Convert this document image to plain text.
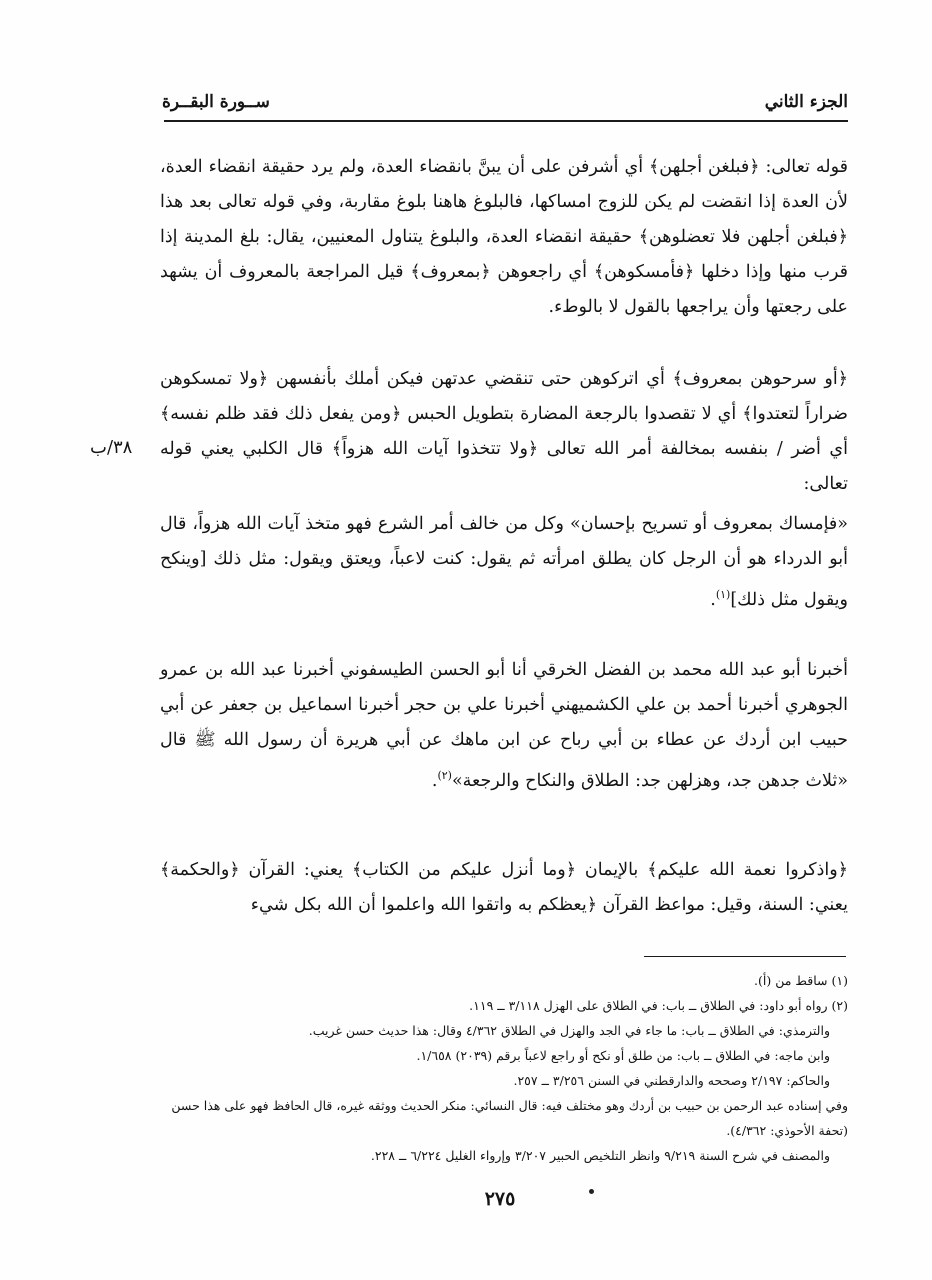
الجزء الثاني
ســورة البقــرة

قوله تعالى: ﴿فبلغن أجلهن﴾ أي أشرفن على أن يبنَّ بانقضاء العدة، ولم يرد حقيقة انقضاء العدة، لأن العدة إذا انقضت لم يكن للزوج امساكها، فالبلوغ هاهنا بلوغ مقاربة، وفي قوله تعالى بعد هذا ﴿فبلغن أجلهن فلا تعضلوهن﴾ حقيقة انقضاء العدة، والبلوغ يتناول المعنيين، يقال: بلغ المدينة إذا قرب منها وإذا دخلها ﴿فأمسكوهن﴾ أي راجعوهن ﴿بمعروف﴾ قيل المراجعة بالمعروف أن يشهد على رجعتها وأن يراجعها بالقول لا بالوطء.

﴿أو سرحوهن بمعروف﴾ أي اتركوهن حتى تنقضي عدتهن فيكن أملك بأنفسهن ﴿ولا تمسكوهن ضراراً لتعتدوا﴾ أي لا تقصدوا بالرجعة المضارة بتطويل الحبس ﴿ومن يفعل ذلك فقد ظلم نفسه﴾ أي أضر / بنفسه بمخالفة أمر الله تعالى ﴿ولا تتخذوا آيات الله هزواً﴾ قال الكلبي يعني قوله تعالى:

٣٨/ب

«فإمساك بمعروف أو تسريح بإحسان» وكل من خالف أمر الشرع فهو متخذ آيات الله هزواً، قال أبو الدرداء هو أن الرجل كان يطلق امرأته ثم يقول: كنت لاعباً، ويعتق ويقول: مثل ذلك [وينكح ويقول مثل ذلك]$^{(١)}$.

أخبرنا أبو عبد الله محمد بن الفضل الخرقي أنا أبو الحسن الطيسفوني أخبرنا عبد الله بن عمرو الجوهري أخبرنا أحمد بن علي الكشميهني أخبرنا علي بن حجر أخبرنا اسماعيل بن جعفر عن أبي حبيب ابن أردك عن عطاء بن أبي رباح عن ابن ماهك عن أبي هريرة أن رسول الله ﷺ قال «ثلاث جدهن جد، وهزلهن جد: الطلاق والنكاح والرجعة»$^{(٢)}$.

﴿واذكروا نعمة الله عليكم﴾ بالإيمان ﴿وما أنزل عليكم من الكتاب﴾ يعني: القرآن ﴿والحكمة﴾ يعني: السنة، وقيل: مواعظ القرآن ﴿يعظكم به واتقوا الله واعلموا أن الله بكل شيء

(١) ساقط من (أ).

(٢) رواه أبو داود: في الطلاق ــ باب: في الطلاق على الهزل ٣/١١٨ ــ ١١٩.

والترمذي: في الطلاق ــ باب: ما جاء في الجد والهزل في الطلاق ٤/٣٦٢ وقال: هذا حديث حسن غريب.

وابن ماجه: في الطلاق ــ باب: من طلق أو نكح أو راجع لاعباً برقم (٢٠٣٩) ١/٦٥٨.

والحاكم: ٢/١٩٧ وصححه والدارقطني في السنن ٣/٢٥٦ ــ ٢٥٧.

وفي إسناده عبد الرحمن بن حبيب بن أردك وهو مختلف فيه: قال النسائي: منكر الحديث ووثقه غيره، قال الحافظ فهو على هذا حسن (تحفة الأحوذي: ٤/٣٦٢).

والمصنف في شرح السنة ٩/٢١٩ وانظر التلخيص الحبير ٣/٢٠٧ وإرواء الغليل ٦/٢٢٤ ــ ٢٢٨.

٢٧٥
